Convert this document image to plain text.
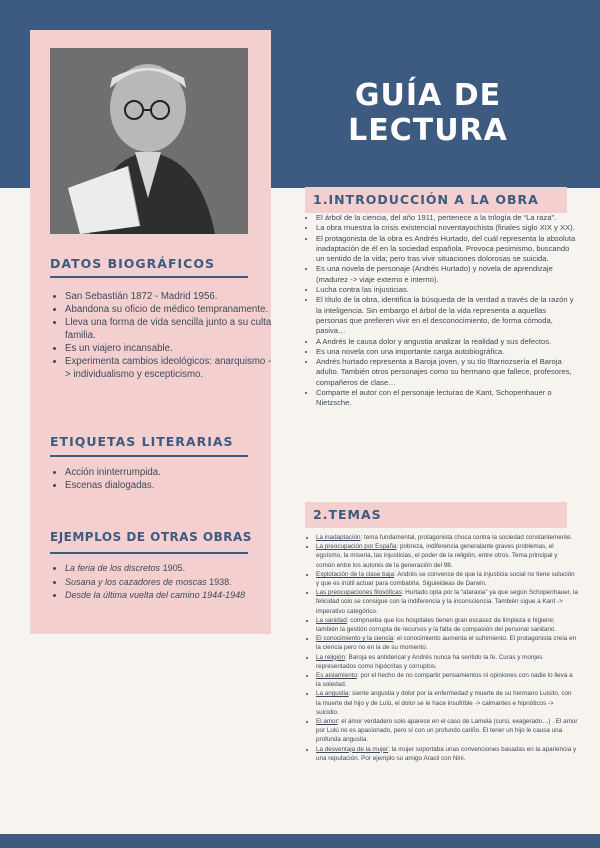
GUÍA DE LECTURA
DATOS BIOGRÁFICOS
• San Sebastián 1872 - Madrid 1956.
• Abandona su oficio de médico tempranamente.
• Lleva una forma de vida sencilla junto a su culta familia.
• Es un viajero incansable.
• Experimenta cambios ideológicos: anarquismo -> individualismo y escepticismo.
ETIQUETAS LITERARIAS
• Acción ininterrumpida.
• Escenas dialogadas.
EJEMPLOS DE OTRAS OBRAS
• La feria de los discretos 1905.
• Susana y los cazadores de moscas 1938.
• Desde la última vuelta del camino 1944-1948
1.INTRODUCCIÓN A LA OBRA
• El árbol de la ciencia, del año 1911, pertenece a la trilogía de “La raza”.
• La obra muestra la crisis existencial noventayochista (finales siglo XIX y XX).
• El protagonista de la obra es Andrés Hurtado, del cuál representa la absoluta inadaptación de él en la sociedad española. Provoca pesimismo, buscando un sentido de la vida; pero tras vivir situaciones dolorosas se suicida.
• Es una novela de personaje (Andrés Hurtado) y novela de aprendizaje (madurez -> viaje externo e interno).
• Lucha contra las injusticias.
• El título de la obra, identifica la búsqueda de la verdad a través de la razón y la inteligencia. Sin embargo el árbol de la vida representa a aquellas personas que prefieren vivir en el desconocimiento, de forma cómoda, pasiva…
• A Andrés le causa dolor y angustia analizar la realidad y sus defectos.
• Es una novela con una importante carga autobiográfica.
• Andrés hurtado representa a Baroja joven, y su tío Iltarriozsería el Baroja adulto. También otros personajes como su hermano que fallece, profesores, compañeros de clase…
• Comparte el autor con el personaje lecturas de Kant, Schopenhauer o Nietzsche.
2.TEMAS
• La inadaptación: tema fundamental, protagonista choca contra la sociedad constantemente.
• La preocupación por España: pobreza, indiferencia generalante graves problemas, el egoísmo, la miseria, las injusticias, el poder de la religión, entre otros. Tema principal y común entre los autores de la generación del 98.
• Explotación de la clase baja: Andrés se convence de que la injusticia social no tiene solución y que es inútil actuar para combatirla. Siguieideas de Darwin.
• Las preocupaciones filosóficas: Hurtado opta por la “ataraxia” ya que según Schopenhauer, la felicidad solo se consigue con la indiferencia y la inconsciencia. También sigue a Kant -> imperativo categórico.
• La sanidad: comprueba que los hospitales tienen gran escasez de limpieza e higiene; también la gestión corrupta de recursos y la falta de compasión del personal sanitario.
• El conocimiento y la ciencia: el conocimiento aumenta el sufrimiento. El protagonista creía en la ciencia pero no en la de su momento.
• La religión: Baroja es antiderical y Andrés nunca ha sentido la fe. Curas y monjes representados como hipócritas y corruptos.
• Es aislamiento: por el hecho de no compartir pensamientos ni opiniones con nadie lo lleva a la soledad.
• La angustia: siente angustia y dolor por la enfermedad y muerte de su hermano Luisito, con la muerte del hijo y de Lulú, el dolor se le hace insufrible -> calmantes e hipnóticos -> suicidio.
• El amor: el amor verdadero solo aparece en el caso de Lamela (cursi, exagerado…) . El amor por Lulú no es apasionado, pero sí con un profundo cariño. El tener un hijo le causa una profunda angustia.
• La desventaja de la mujer: la mujer soportaba unas convenciones basadas en la apariencia y una reputación. Por ejemplo su amigo Aracil con Nini.
